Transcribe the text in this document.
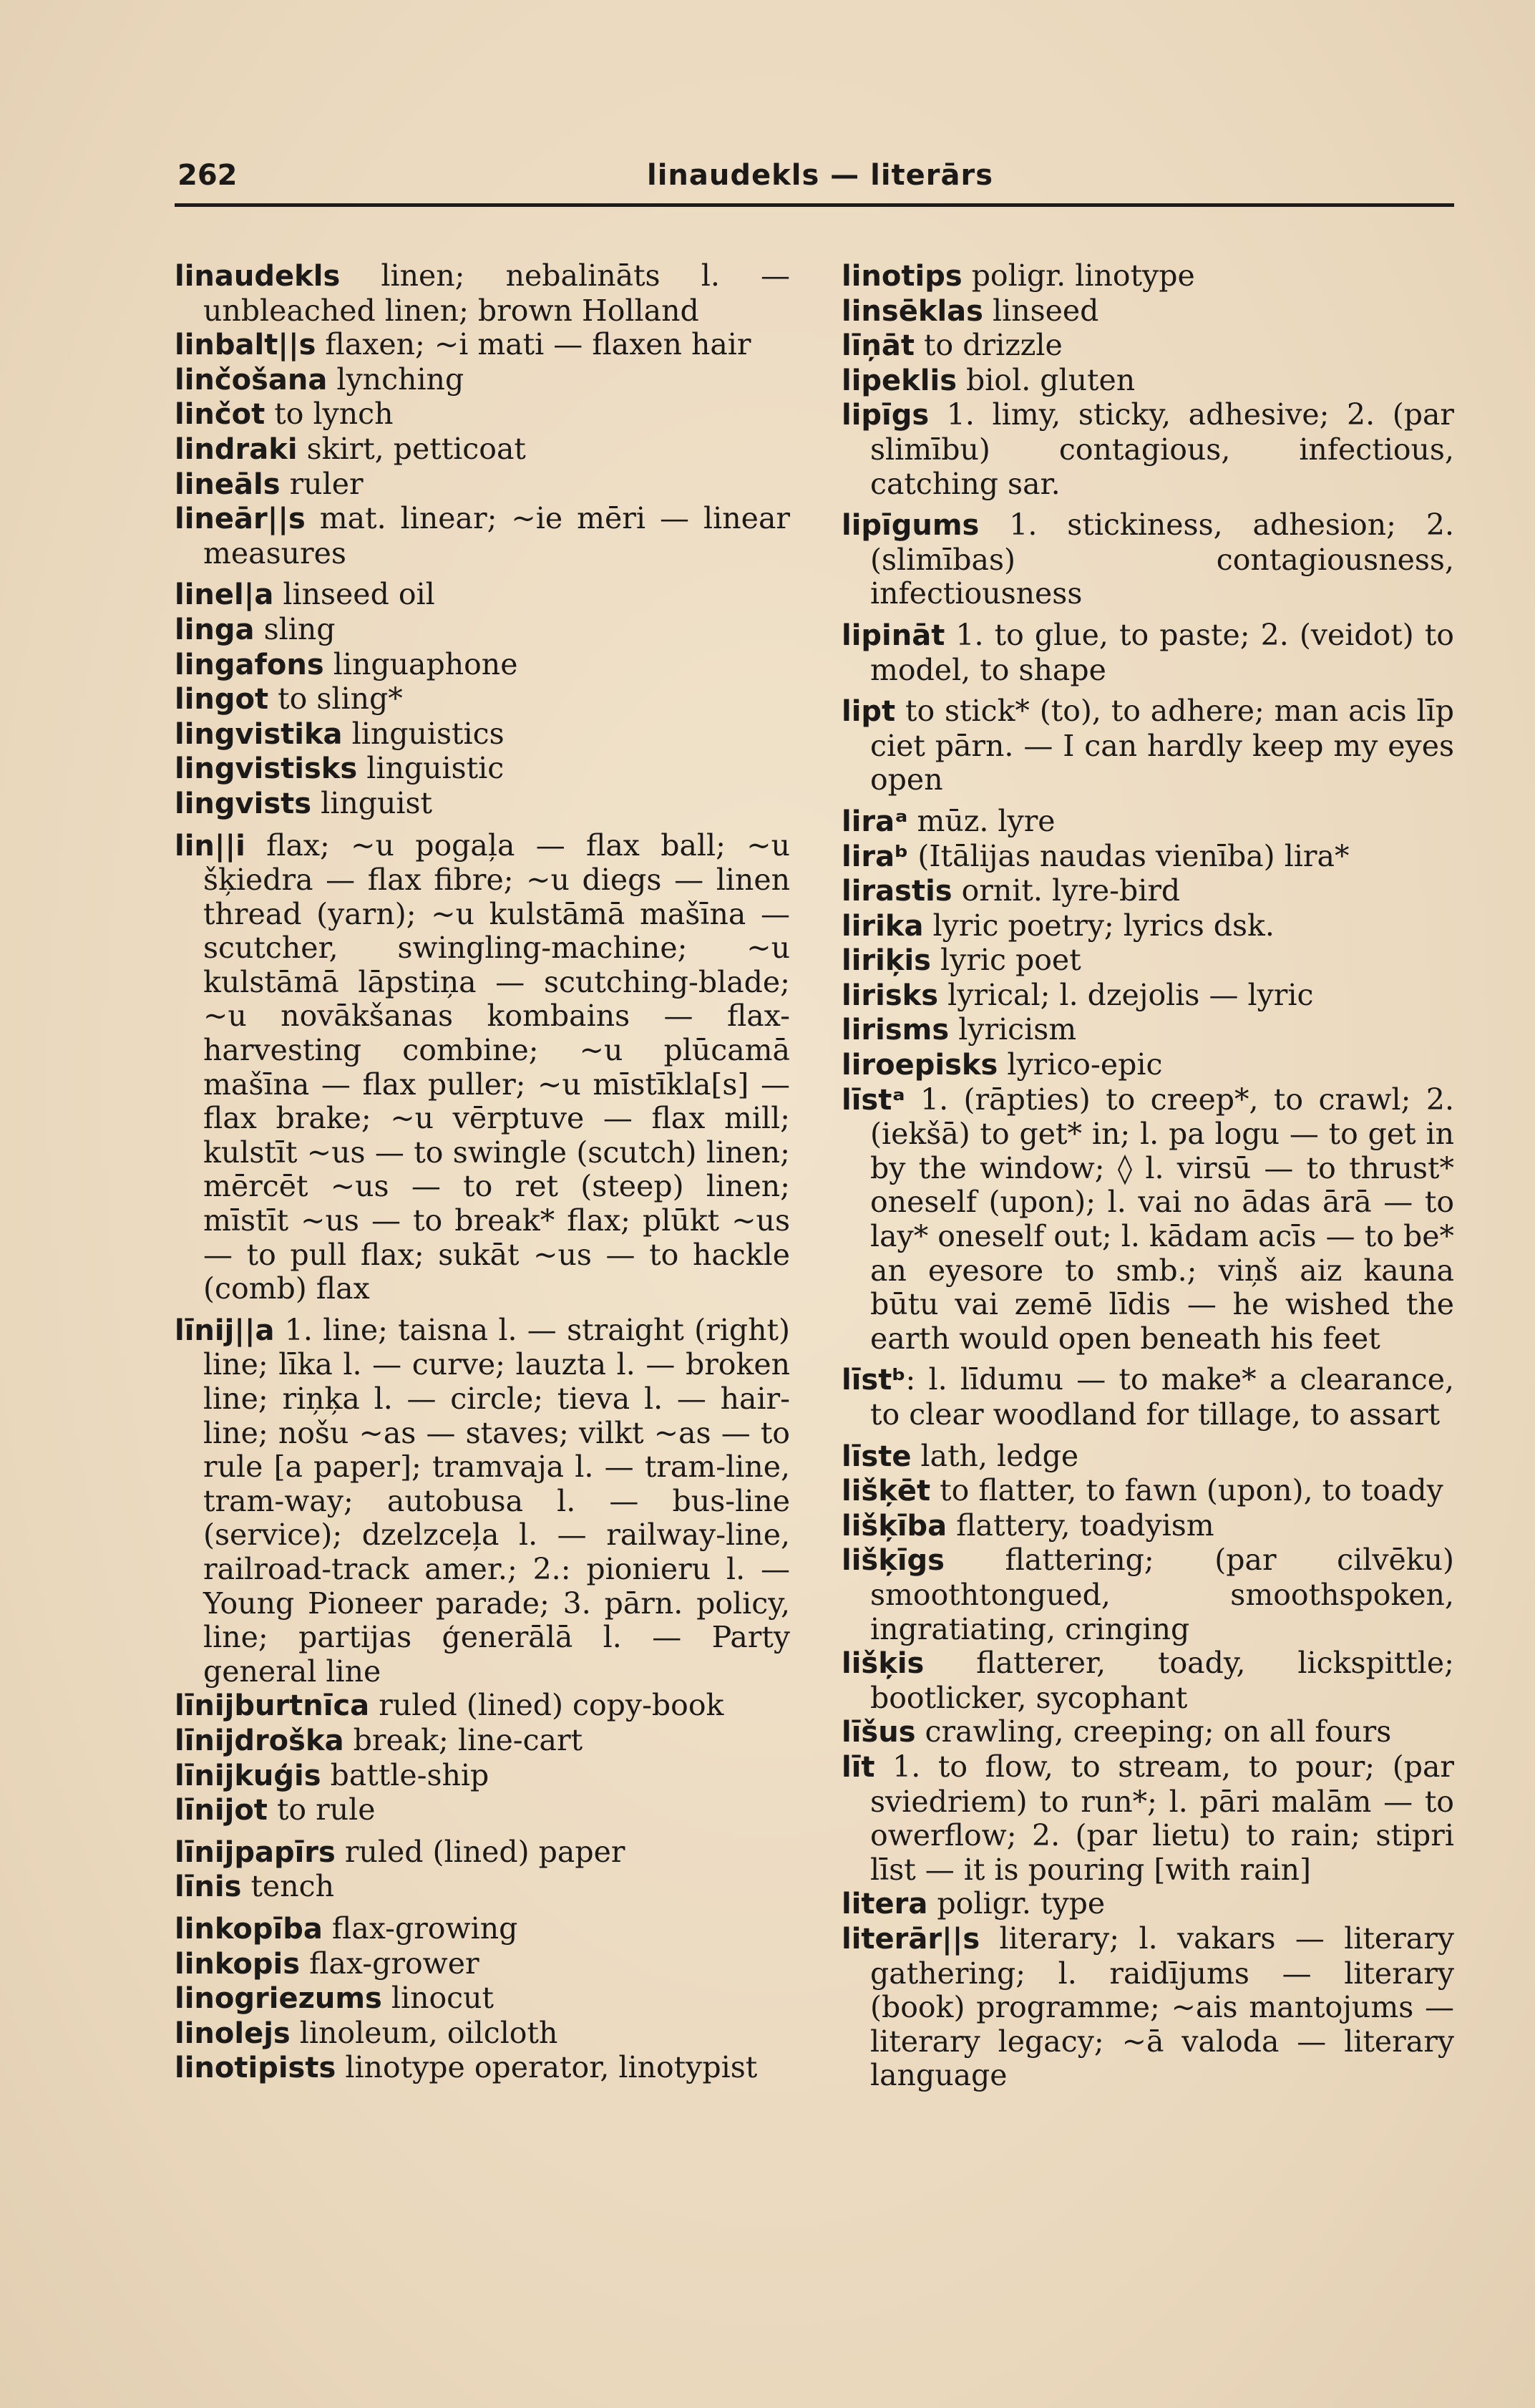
262	linaudekls — literārs
linaudekls linen; nebalināts l. — unbleached linen; brown Holland
linbalt||s flaxen; ~i mati — flaxen hair
linčošana lynching
linčot to lynch
lindraki skirt, petticoat
lineāls ruler
lineār||s mat. linear; ~ie mēri — linear measures
linel|a linseed oil
linga sling
lingafons linguaphone
lingot to sling*
lingvistika linguistics
lingvistisks linguistic
lingvists linguist
lin||i flax; ~u pogaļa — flax ball; ~u šķiedra — flax fibre; ~u diegs — linen thread (yarn); ~u kulstāmā mašīna — scutcher, swingling-machine; ~u kulstāmā lāpstiņa — scutching-blade; ~u novākšanas kombains — flax-harvesting combine; ~u plūcamā mašīna — flax puller; ~u mīstīkla[s] — flax brake; ~u vērptuve — flax mill; kulstīt ~us — to swingle (scutch) linen; mērcēt ~us — to ret (steep) linen; mīstīt ~us — to break* flax; plūkt ~us — to pull flax; sukāt ~us — to hackle (comb) flax
līnij||a 1. line; taisna l. — straight (right) line; līka l. — curve; lauzta l. — broken line; riņķa l. — circle; tieva l. — hair-line; nošu ~as — staves; vilkt ~as — to rule [a paper]; tramvaja l. — tram-line, tram-way; autobusa l. — bus-line (service); dzelzceļa l. — railway-line, railroad-track amer.; 2.: pionieru l. — Young Pioneer parade; 3. pārn. policy, line; partijas ģenerālā l. — Party general line
līnijburtnīca ruled (lined) copy-book
līnijdroška break; line-cart
līnijkuģis battle-ship
līnijot to rule
līnijpapīrs ruled (lined) paper
līnis tench
linkopība flax-growing
linkopis flax-grower
linogriezums linocut
linolejs linoleum, oilcloth
linotipists linotype operator, linotypist
linotips poligr. linotype
linsēklas linseed
līņāt to drizzle
lipeklis biol. gluten
lipīgs 1. limy, sticky, adhesive; 2. (par slimību) contagious, infectious, catching sar.
lipīgums 1. stickiness, adhesion; 2. (slimības) contagiousness, infectiousness
lipināt 1. to glue, to paste; 2. (veidot) to model, to shape
lipt to stick* (to), to adhere; man acis līp ciet pārn. — I can hardly keep my eyes open
liraᵃ mūz. lyre
liraᵇ (Itālijas naudas vienība) lira*
lirastis ornit. lyre-bird
lirika lyric poetry; lyrics dsk.
liriķis lyric poet
lirisks lyrical; l. dzejolis — lyric
lirisms lyricism
liroepisks lyrico-epic
līstᵃ 1. (rāpties) to creep*, to crawl; 2. (iekšā) to get* in; l. pa logu — to get in by the window; ◊ l. virsū — to thrust* oneself (upon); l. vai no ādas ārā — to lay* oneself out; l. kādam acīs — to be* an eyesore to smb.; viņš aiz kauna būtu vai zemē līdis — he wished the earth would open beneath his feet
līstᵇ: l. līdumu — to make* a clearance, to clear woodland for tillage, to assart
līste lath, ledge
lišķēt to flatter, to fawn (upon), to toady
lišķība flattery, toadyism
lišķīgs flattering; (par cilvēku) smoothtongued, smoothspoken, ingratiating, cringing
lišķis flatterer, toady, lickspittle; bootlicker, sycophant
līšus crawling, creeping; on all fours
līt 1. to flow, to stream, to pour; (par sviedriem) to run*; l. pāri malām — to owerflow; 2. (par lietu) to rain; stipri līst — it is pouring [with rain]
litera poligr. type
literār||s literary; l. vakars — literary gathering; l. raidījums — literary (book) programme; ~ais mantojums — literary legacy; ~ā valoda — literary language
